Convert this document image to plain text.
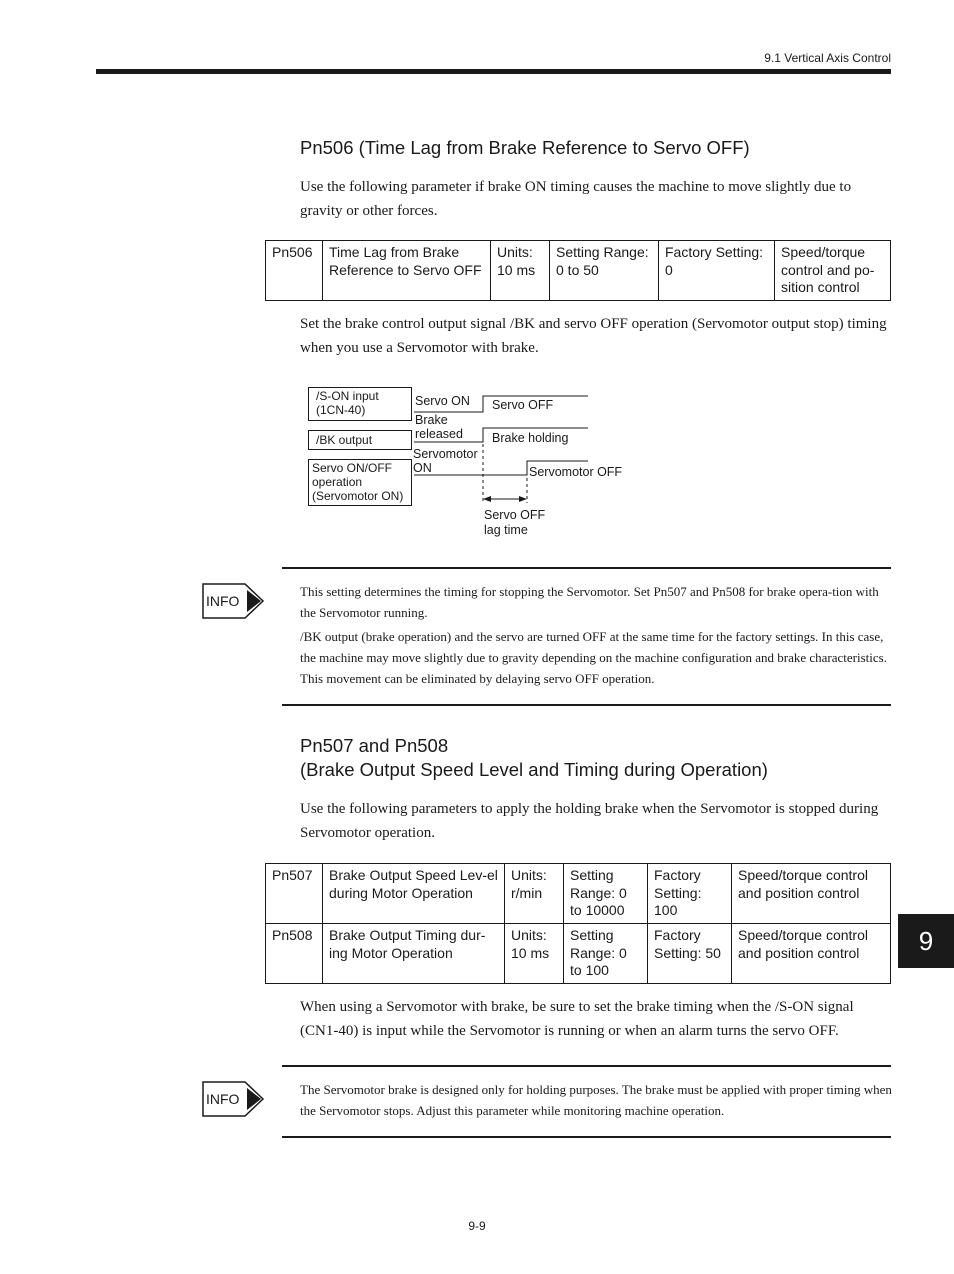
9.1 Vertical Axis Control
Pn506 (Time Lag from Brake Reference to Servo OFF)
Use the following parameter if brake ON timing causes the machine to move slightly due to gravity or other forces.
Pn506	Time Lag from Brake Reference to Servo OFF	Units: 10 ms	Setting Range: 0 to 50	Factory Setting: 0	Speed/torque control and po-sition control
Set the brake control output signal /BK and servo OFF operation (Servomotor output stop) timing when you use a Servomotor with brake.
/S-ON input (1CN-40)
/BK output
Servo ON/OFF operation (Servomotor ON)
Servo ON Servo OFF
Brake released	Brake holding
Servomotor ON	Servomotor OFF
Servo OFF lag time
INFO

This setting determines the timing for stopping the Servomotor. Set Pn507 and Pn508 for brake opera-tion with the Servomotor running.

/BK output (brake operation) and the servo are turned OFF at the same time for the factory settings. In this case, the machine may move slightly due to gravity depending on the machine configuration and brake characteristics. This movement can be eliminated by delaying servo OFF operation.

Pn507 and Pn508
(Brake Output Speed Level and Timing during Operation)
Use the following parameters to apply the holding brake when the Servomotor is stopped during Servomotor operation.
Pn507	Brake Output Speed Lev-el during Motor Operation	Units: r/min	Setting Range: 0 to 10000	Factory Setting: 100	Speed/torque control and position control
Pn508	Brake Output Timing dur-ing Motor Operation	Units: 10 ms	Setting Range: 0 to 100	Factory Setting: 50	Speed/torque control and position control
When using a Servomotor with brake, be sure to set the brake timing when the /S-ON signal (CN1-40) is input while the Servomotor is running or when an alarm turns the servo OFF.
INFO

The Servomotor brake is designed only for holding purposes. The brake must be applied with proper timing when the Servomotor stops. Adjust this parameter while monitoring machine operation.

9
9-9
